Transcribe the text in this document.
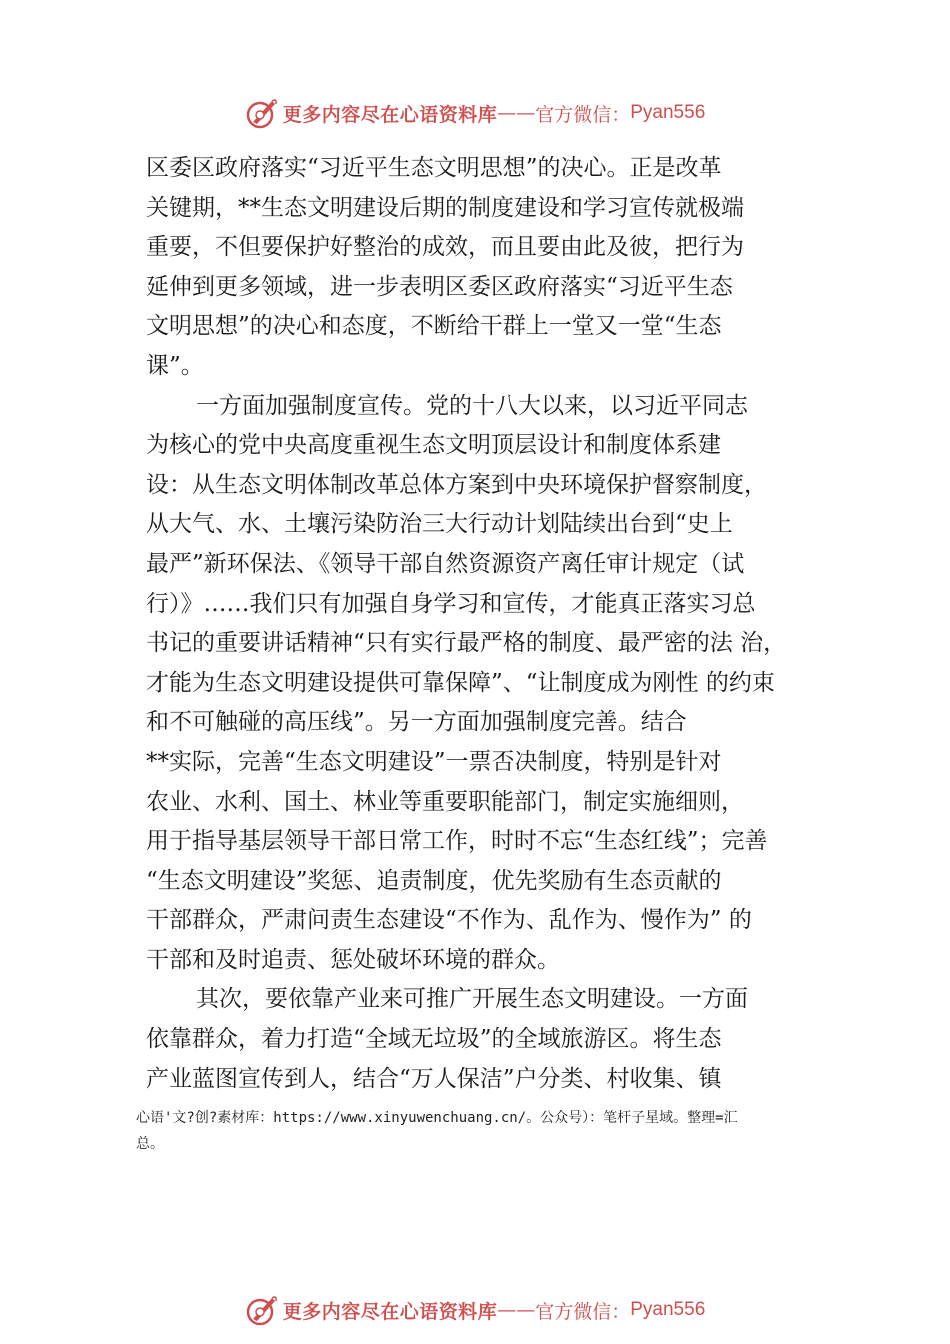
更多内容尽在心语资料库 —— 官方微信： Pyan556
区委区政府落实“习近平生态文明思想”的决心。正是改革
关键期，**生态文明建设后期的制度建设和学习宣传就极端
重要，不但要保护好整治的成效，而且要由此及彼，把行为
延伸到更多领域，进一步表明区委区政府落实“习近平生态
文明思想”的决心和态度，不断给干群上一堂又一堂“生态
课”。
一方面加强制度宣传。党的十八大以来，以习近平同志
为核心的党中央高度重视生态文明顶层设计和制度体系建
设：从生态文明体制改革总体方案到中央环境保护督察制度，
从大气、水、土壤污染防治三大行动计划陆续出台到“史上
最严”新环保法、《领导干部自然资源资产离任审计规定（试
行）》……我们只有加强自身学习和宣传，才能真正落实习总
书记的重要讲话精神“只有实行最严格的制度、最严密的法 治，
才能为生态文明建设提供可靠保障”、“让制度成为刚性 的约束
和不可触碰的高压线”。另一方面加强制度完善。结合
**实际，完善“生态文明建设”一票否决制度，特别是针对
农业、水利、国土、林业等重要职能部门，制定实施细则，
用于指导基层领导干部日常工作，时时不忘“生态红线”；完善
“生态文明建设”奖惩、追责制度，优先奖励有生态贡献的
干部群众，严肃问责生态建设“不作为、乱作为、慢作为” 的
干部和及时追责、惩处破坏环境的群众。
其次，要依靠产业来可推广开展生态文明建设。一方面
依靠群众，着力打造“全域无垃圾”的全域旅游区。将生态
产业蓝图宣传到人，结合“万人保洁”户分类、村收集、镇
心语'文?创?素材库：https://www.xinyuwenchuang.cn/。公众号）：笔杆子星域。整理=汇
总。
更多内容尽在心语资料库 —— 官方微信： Pyan556
